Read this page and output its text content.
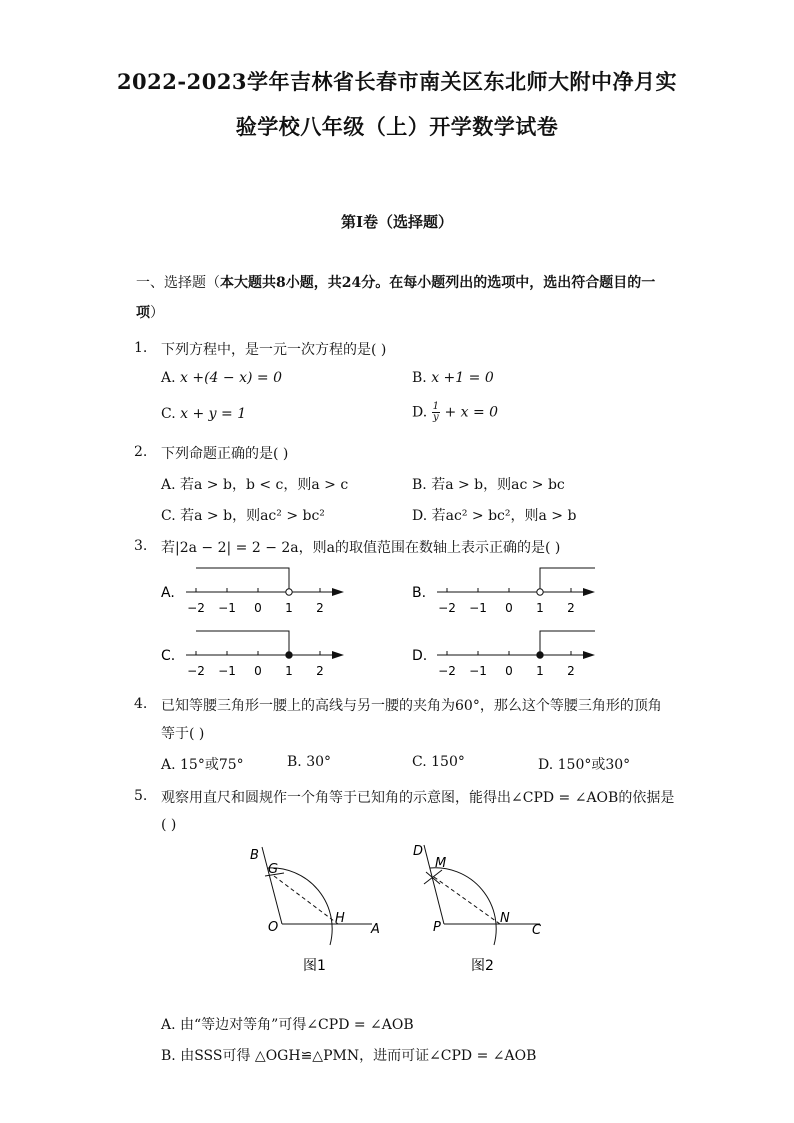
2022-2023学年吉林省长春市南关区东北师大附中净月实
验学校八年级（上）开学数学试卷
第I卷（选择题）
一、选择题（本大题共8小题，共24分。在每小题列出的选项中，选出符合题目的一项）
1. 下列方程中，是一元一次方程的是( )
A. x +(4 − x) = 0	B. x +1 = 0
C. x + y = 1	D. $\frac{1}{y} + x = 0$
2. 下列命题正确的是( )
A. 若a > b，b < c，则a > c	B. 若a > b，则ac > bc
C. 若a > b，则ac² > bc²	D. 若ac² > bc²，则a > b
3. 若|2a − 2| = 2 − 2a，则a的取值范围在数轴上表示正确的是( )
A.
−2 −1 0 1 2
B.
−2 −1 0 1 2
C.
−2 −1 0 1 2
D.
−2 −1 0 1 2
4. 已知等腰三角形一腰上的高线与另一腰的夹角为60°，那么这个等腰三角形的顶角
等于( )
A. 15°或75°	B. 30°	C. 150°	D. 150°或30°
5. 观察用直尺和圆规作一个角等于已知角的示意图，能得出∠CPD = ∠AOB的依据是
( )
B
G
O
H
A
图1
D
M
P
N
C
图2
A. 由“等边对等角”可得∠CPD = ∠AOB
B. 由SSS可得 △OGH≌△PMN，进而可证∠CPD = ∠AOB
